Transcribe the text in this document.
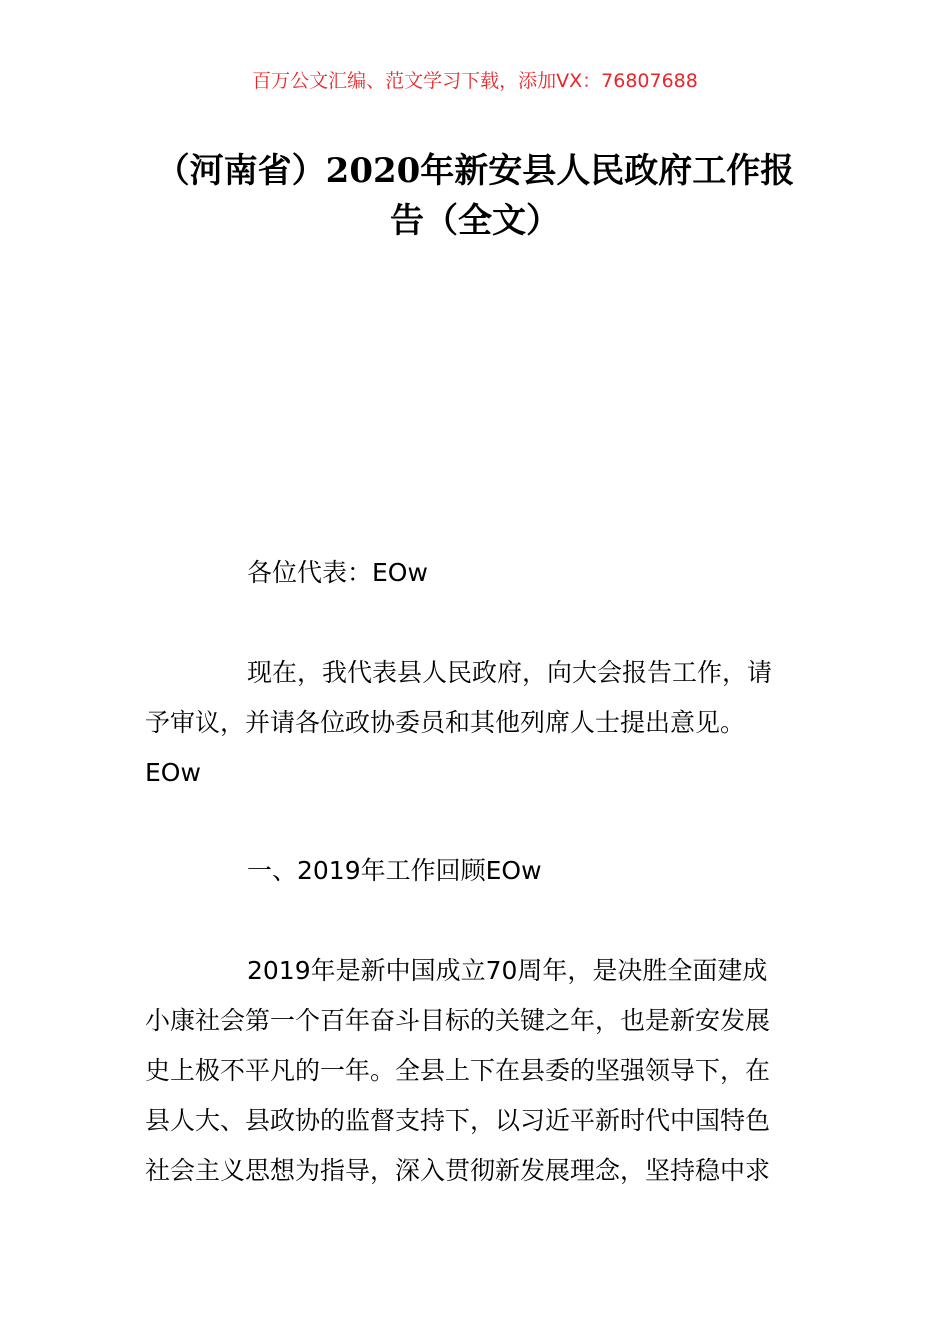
百万公文汇编、范文学习下载，添加VX：76807688
（河南省）2020年新安县人民政府工作报
告（全文）
各位代表：EOw
现在，我代表县人民政府，向大会报告工作，请
予审议，并请各位政协委员和其他列席人士提出意见。
EOw
一、2019年工作回顾EOw
2019年是新中国成立70周年，是决胜全面建成
小康社会第一个百年奋斗目标的关键之年，也是新安发展
史上极不平凡的一年。全县上下在县委的坚强领导下，在
县人大、县政协的监督支持下，以习近平新时代中国特色
社会主义思想为指导，深入贯彻新发展理念，坚持稳中求
